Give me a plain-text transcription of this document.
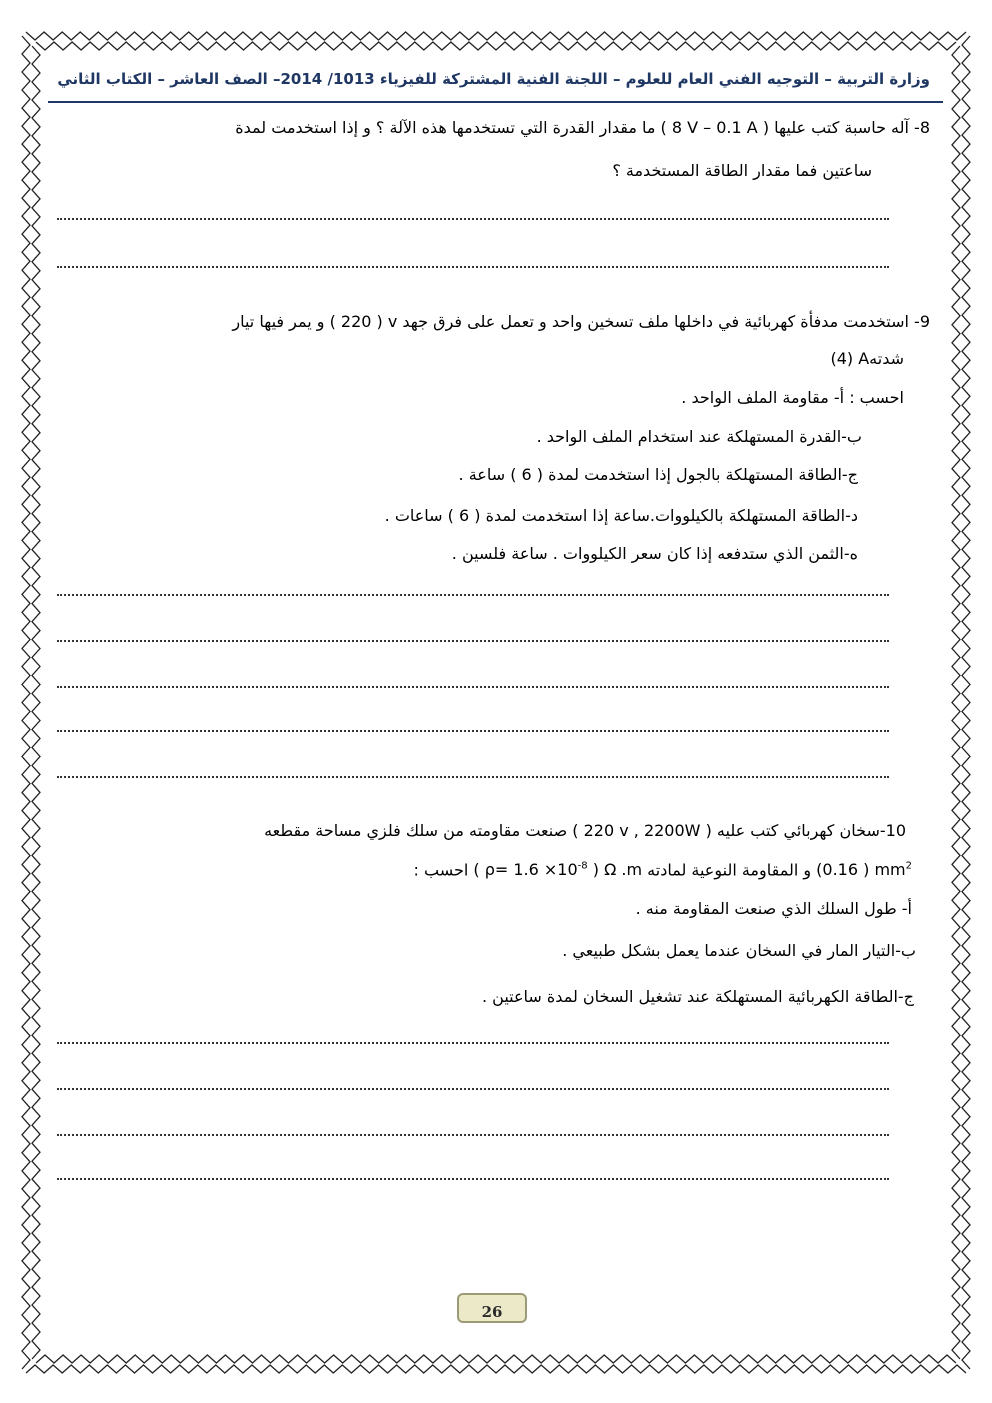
وزارة التربية – التوجيه الفني العام للعلوم – اللجنة الفنية المشتركة للفيزياء 1013/ 2014– الصف العاشر – الكتاب الثاني
8- آله حاسبة كتب عليها ( 8 V – 0.1 A ) ما مقدار القدرة التي تستخدمها هذه الآلة ؟ و إذا استخدمت لمدة
ساعتين فما مقدار الطاقة المستخدمة ؟
9- استخدمت مدفأة كهربائية في داخلها ملف تسخين واحد و تعمل على فرق جهد ( 220 ) v و يمر فيها تيار
شدته(4) A
احسب : أ- مقاومة الملف الواحد .
ب-القدرة المستهلكة عند استخدام الملف الواحد .
ج-الطاقة المستهلكة بالجول إذا استخدمت لمدة ( 6 ) ساعة .
د-الطاقة المستهلكة بالكيلووات.ساعة إذا استخدمت لمدة ( 6 ) ساعات .
ه-الثمن الذي ستدفعه إذا كان سعر الكيلووات . ساعة فلسين .
10-سخان كهربائي كتب عليه ( 220 v , 2200W ) صنعت مقاومته من سلك فلزي مساحة مقطعه
(0.16 ) $mm^2$ و المقاومة النوعية لمادته ( $\rho= 1.6 \times 10^{-8}$ ) Ω .m احسب :
أ- طول السلك الذي صنعت المقاومة منه .
ب-التيار المار في السخان عندما يعمل بشكل طبيعي .
ج-الطاقة الكهربائية المستهلكة عند تشغيل السخان لمدة ساعتين .
26
